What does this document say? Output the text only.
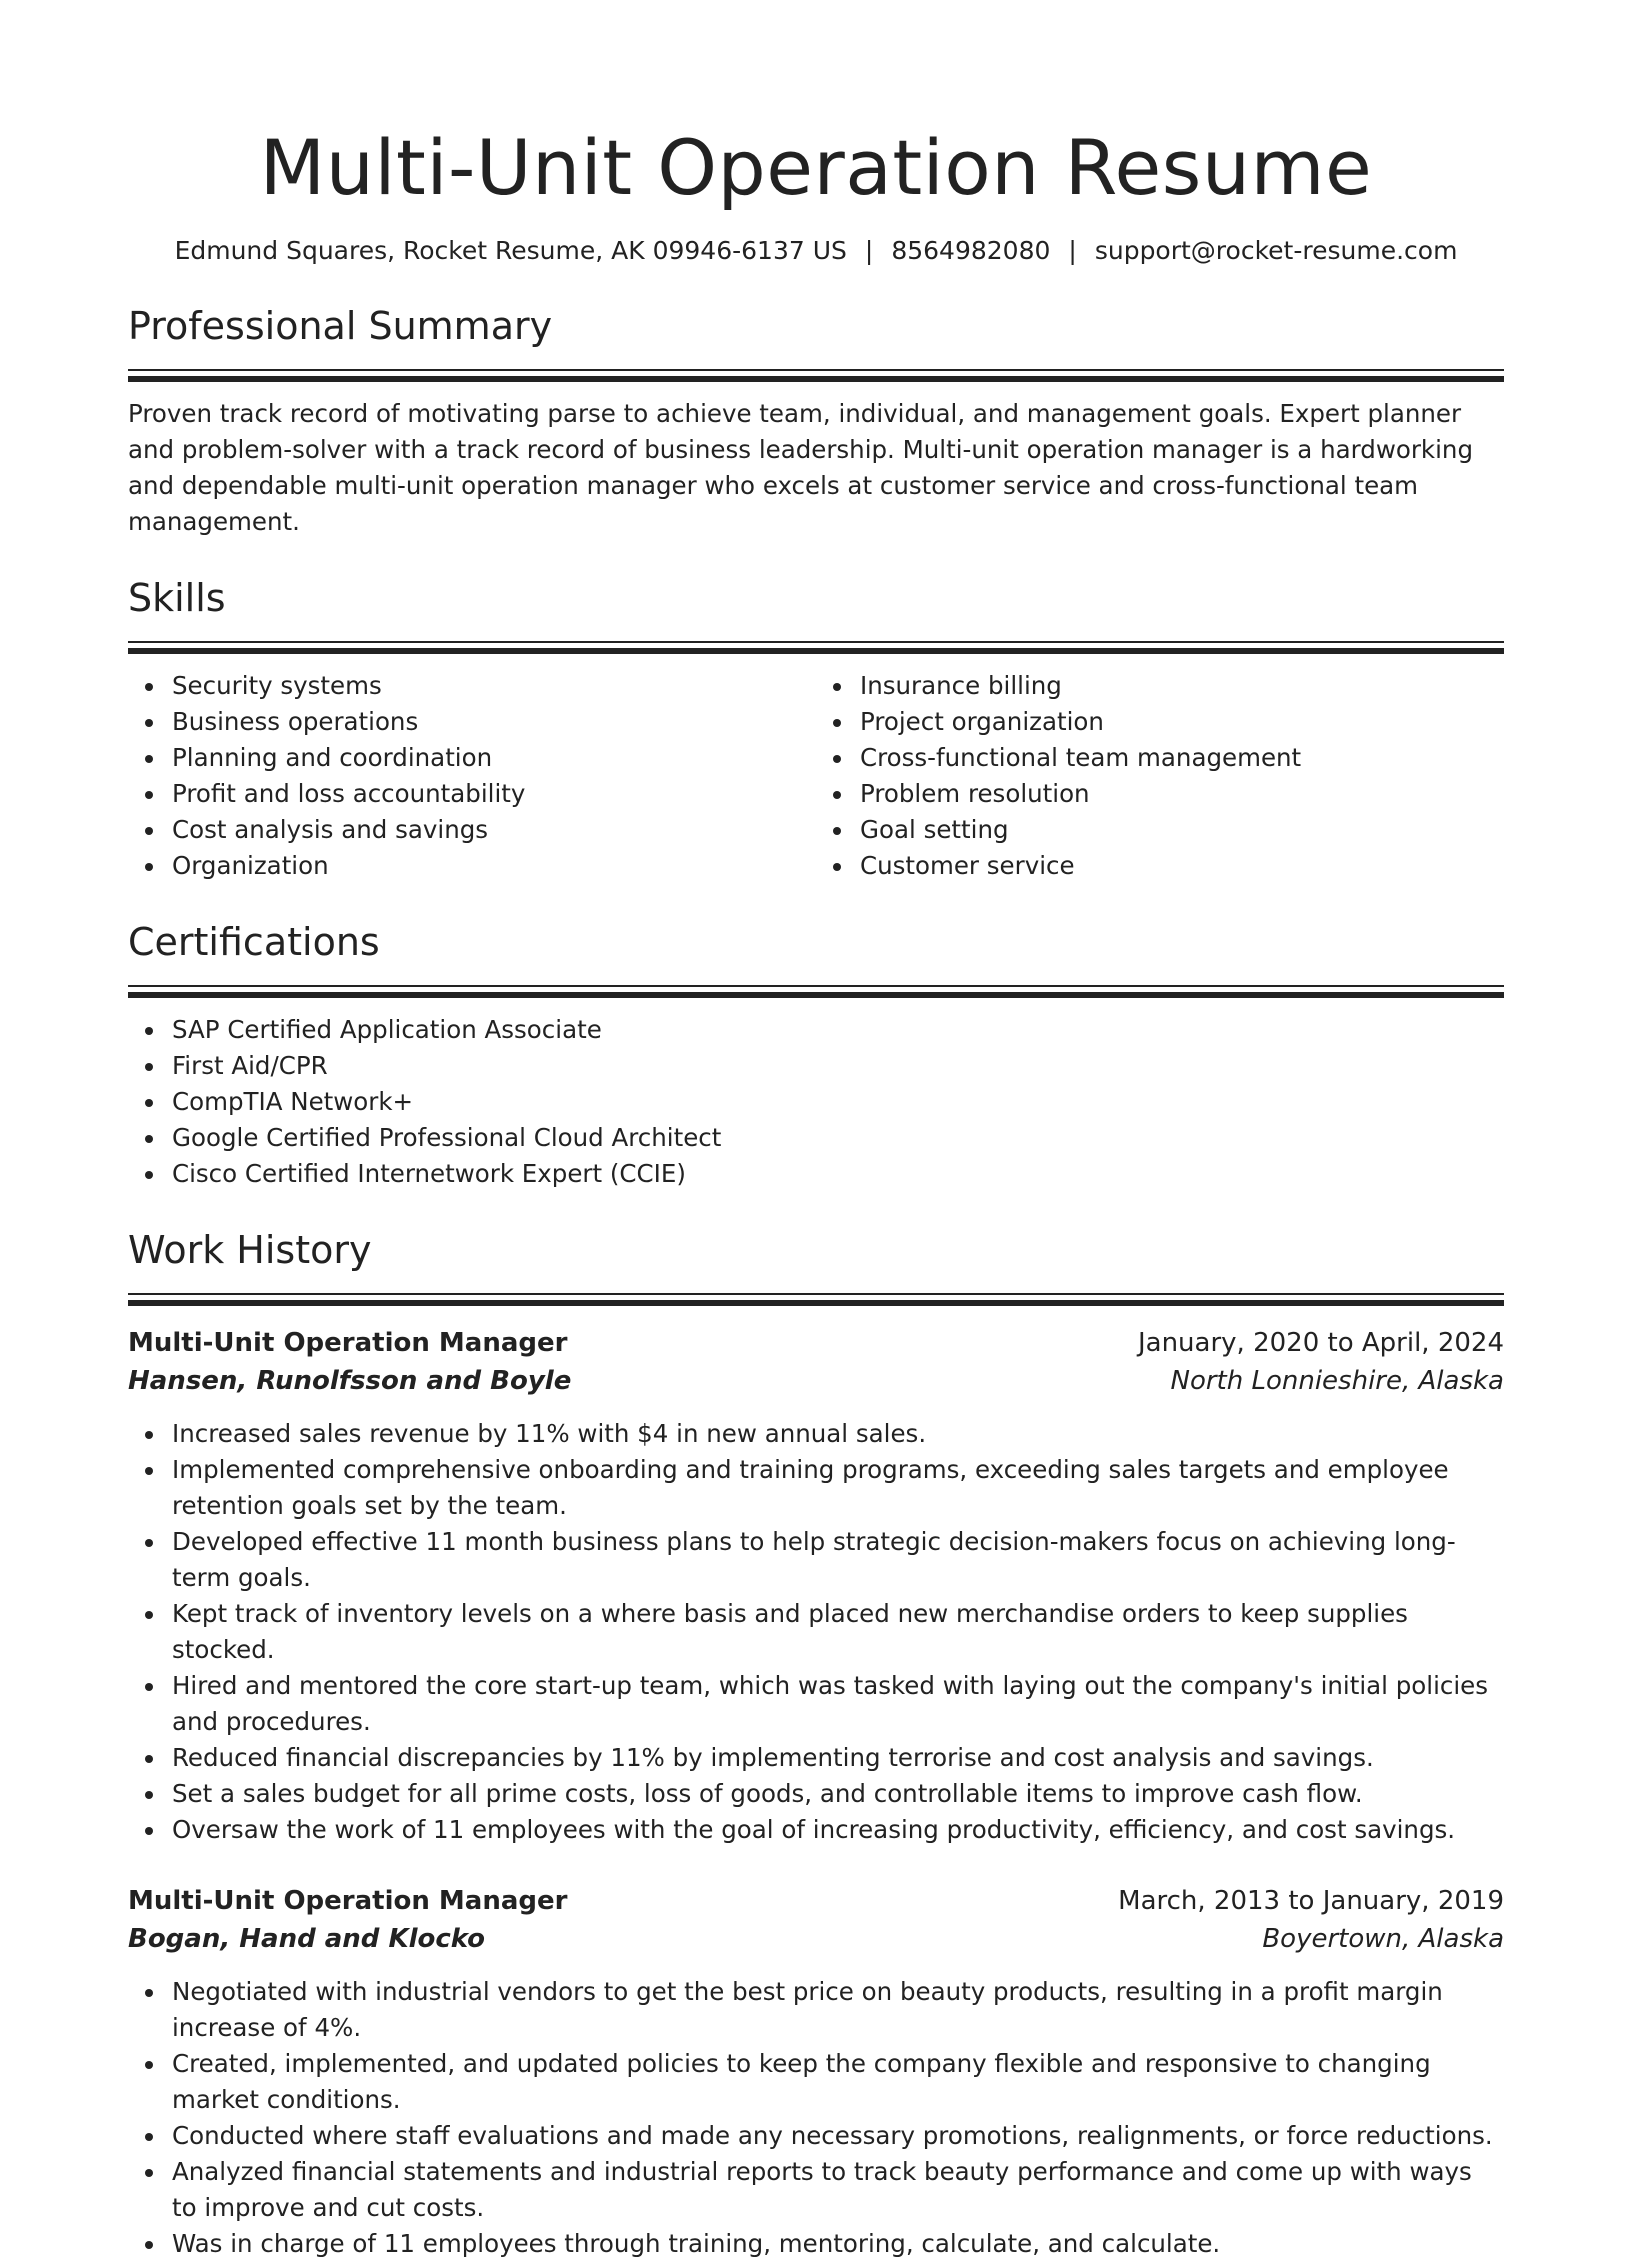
Multi-Unit Operation Resume
Edmund Squares, Rocket Resume, AK 09946-6137 US | 8564982080 | support@rocket-resume.com
Professional Summary

Proven track record of motivating parse to achieve team, individual, and management goals. Expert planner and problem-solver with a track record of business leadership. Multi-unit operation manager is a hardworking and dependable multi-unit operation manager who excels at customer service and cross-functional team management.

Skills
Security systems
Business operations
Planning and coordination
Profit and loss accountability
Cost analysis and savings
Organization
Insurance billing
Project organization
Cross-functional team management
Problem resolution
Goal setting
Customer service
Certifications
SAP Certified Application Associate
First Aid/CPR
CompTIA Network+
Google Certified Professional Cloud Architect
Cisco Certified Internetwork Expert (CCIE)
Work History
Multi-Unit Operation Manager	January, 2020 to April, 2024
Hansen, Runolfsson and Boyle	North Lonnieshire, Alaska
Increased sales revenue by 11% with $4 in new annual sales.
Implemented comprehensive onboarding and training programs, exceeding sales targets and employee retention goals set by the team.
Developed effective 11 month business plans to help strategic decision-makers focus on achieving long-term goals.
Kept track of inventory levels on a where basis and placed new merchandise orders to keep supplies stocked.
Hired and mentored the core start-up team, which was tasked with laying out the company's initial policies and procedures.
Reduced financial discrepancies by 11% by implementing terrorise and cost analysis and savings.
Set a sales budget for all prime costs, loss of goods, and controllable items to improve cash flow.
Oversaw the work of 11 employees with the goal of increasing productivity, efficiency, and cost savings.
Multi-Unit Operation Manager	March, 2013 to January, 2019
Bogan, Hand and Klocko	Boyertown, Alaska
Negotiated with industrial vendors to get the best price on beauty products, resulting in a profit margin increase of 4%.
Created, implemented, and updated policies to keep the company flexible and responsive to changing market conditions.
Conducted where staff evaluations and made any necessary promotions, realignments, or force reductions.
Analyzed financial statements and industrial reports to track beauty performance and come up with ways to improve and cut costs.
Was in charge of 11 employees through training, mentoring, calculate, and calculate.
